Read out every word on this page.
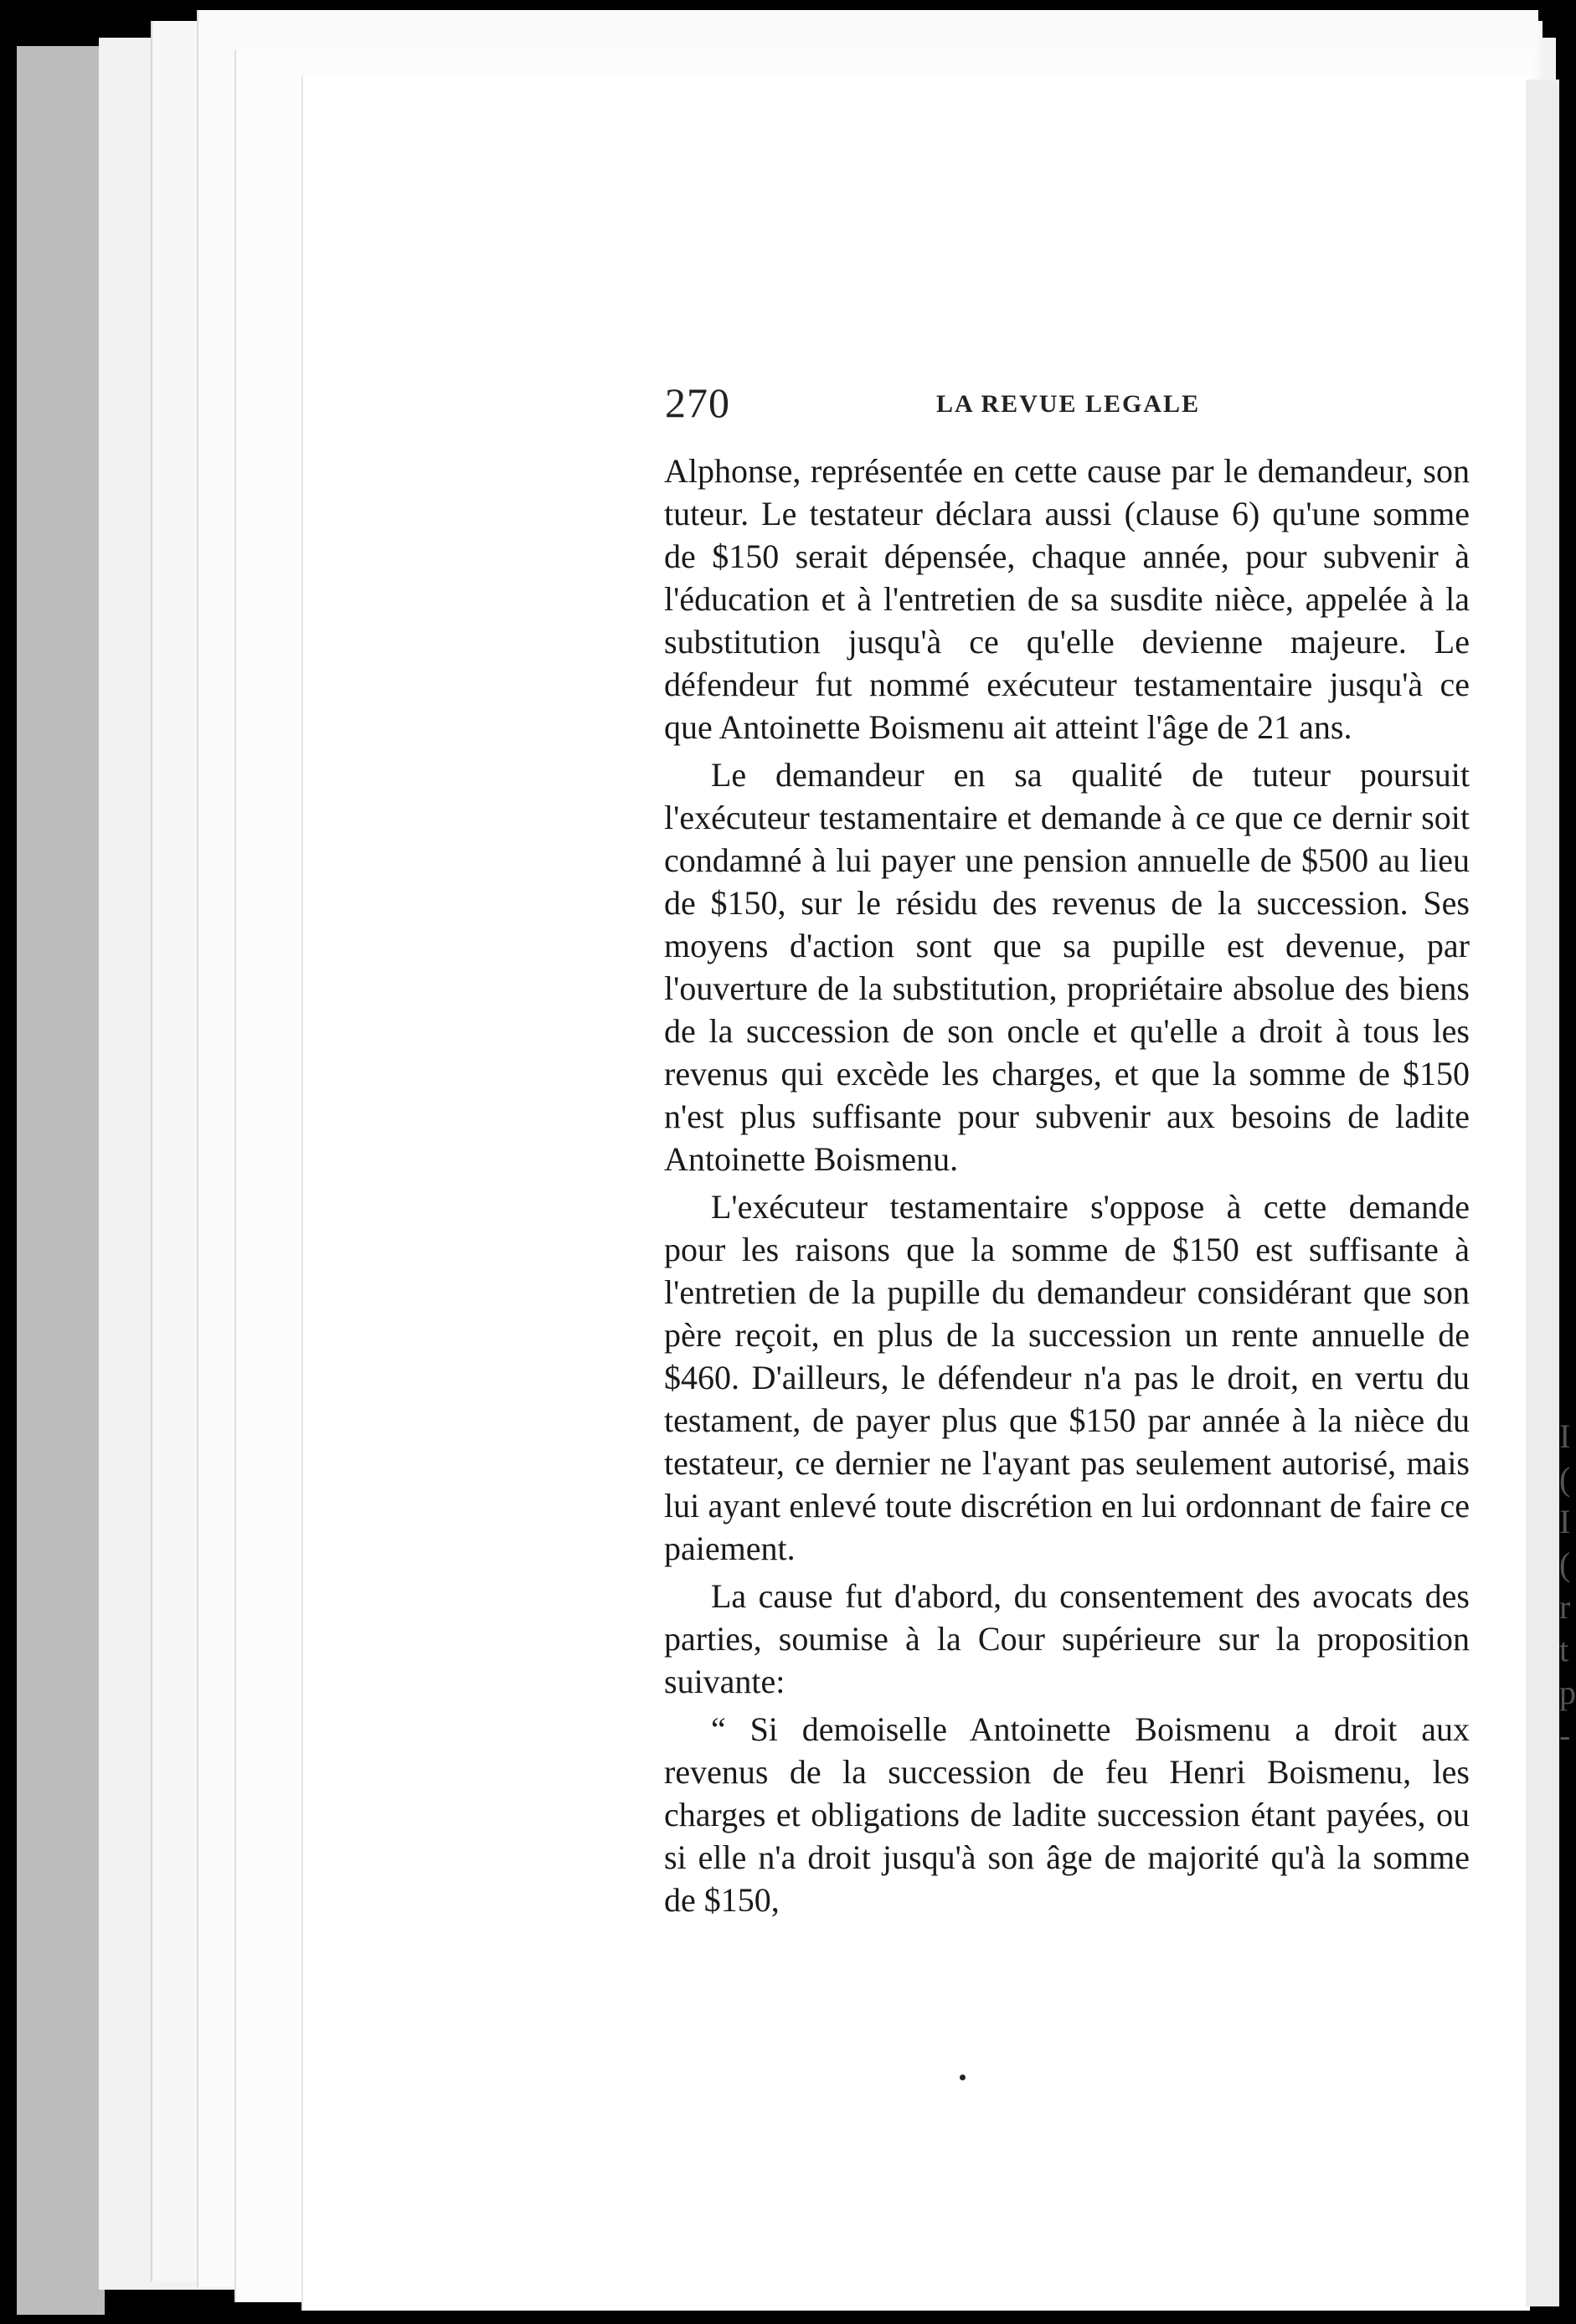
I
(
I
(
r
t
p
-
270	LA REVUE LEGALE

Alphonse, représentée en cette cause par le demandeur, son tuteur. Le testateur déclara aussi (clause 6) qu'une somme de $150 serait dépensée, chaque année, pour subvenir à l'éducation et à l'entretien de sa susdite nièce, appelée à la substitution jusqu'à ce qu'elle devienne majeure. Le défendeur fut nommé exécuteur testamentaire jusqu'à ce que Antoinette Boismenu ait atteint l'âge de 21 ans.

Le demandeur en sa qualité de tuteur poursuit l'exécuteur testamentaire et demande à ce que ce dernir soit condamné à lui payer une pension annuelle de $500 au lieu de $150, sur le résidu des revenus de la succession. Ses moyens d'action sont que sa pupille est devenue, par l'ouverture de la substitution, propriétaire absolue des biens de la succession de son oncle et qu'elle a droit à tous les revenus qui excède les charges, et que la somme de $150 n'est plus suffisante pour subvenir aux besoins de ladite Antoinette Boismenu.

L'exécuteur testamentaire s'oppose à cette demande pour les raisons que la somme de $150 est suffisante à l'entretien de la pupille du demandeur considérant que son père reçoit, en plus de la succession un rente annuelle de $460. D'ailleurs, le défendeur n'a pas le droit, en vertu du testament, de payer plus que $150 par année à la nièce du testateur, ce dernier ne l'ayant pas seulement autorisé, mais lui ayant enlevé toute discrétion en lui ordonnant de faire ce paiement.

La cause fut d'abord, du consentement des avocats des parties, soumise à la Cour supérieure sur la proposition suivante:

“ Si demoiselle Antoinette Boismenu a droit aux revenus de la succession de feu Henri Boismenu, les charges et obligations de ladite succession étant payées, ou si elle n'a droit jusqu'à son âge de majorité qu'à la somme de $150,
